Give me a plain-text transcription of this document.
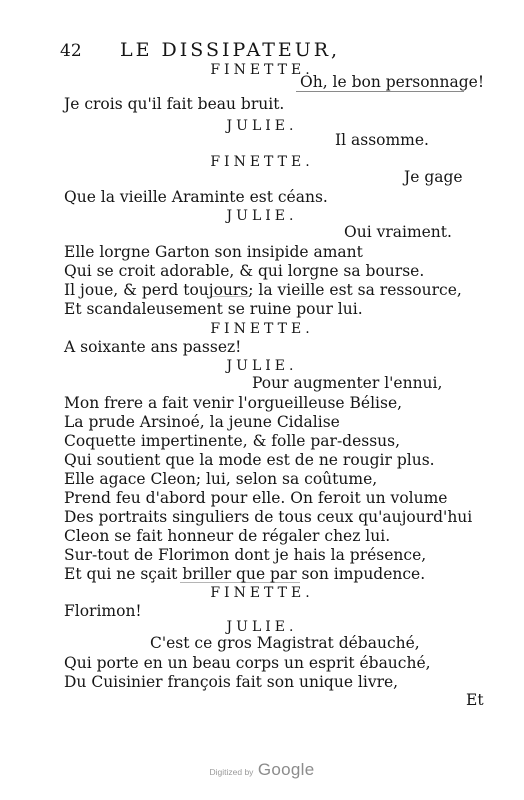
42 LE DISSIPATEUR,
FINETTE.
Oh, le bon personnage!
Je crois qu'il fait beau bruit.
JULIE.
Il assomme.
FINETTE.
Je gage
Que la vieille Araminte est céans.
JULIE.
Oui vraiment.
Elle lorgne Garton son insipide amant
Qui se croit adorable, & qui lorgne sa bourse.
Il joue, & perd toujours; la vieille est sa ressource,
Et scandaleusement se ruine pour lui.
FINETTE.
A soixante ans passez!
JULIE.
Pour augmenter l'ennui,
Mon frere a fait venir l'orgueilleuse Bélise,
La prude Arsinoé, la jeune Cidalise
Coquette impertinente, & folle par-dessus,
Qui soutient que la mode est de ne rougir plus.
Elle agace Cleon; lui, selon sa coûtume,
Prend feu d'abord pour elle. On feroit un volume
Des portraits singuliers de tous ceux qu'aujourd'hui
Cleon se fait honneur de régaler chez lui.
Sur-tout de Florimon dont je hais la présence,
Et qui ne sçait briller que par son impudence.
FINETTE.
Florimon!
JULIE.
C'est ce gros Magistrat débauché,
Qui porte en un beau corps un esprit ébauché,
Du Cuisinier françois fait son unique livre,
Et
Digitized by Google
